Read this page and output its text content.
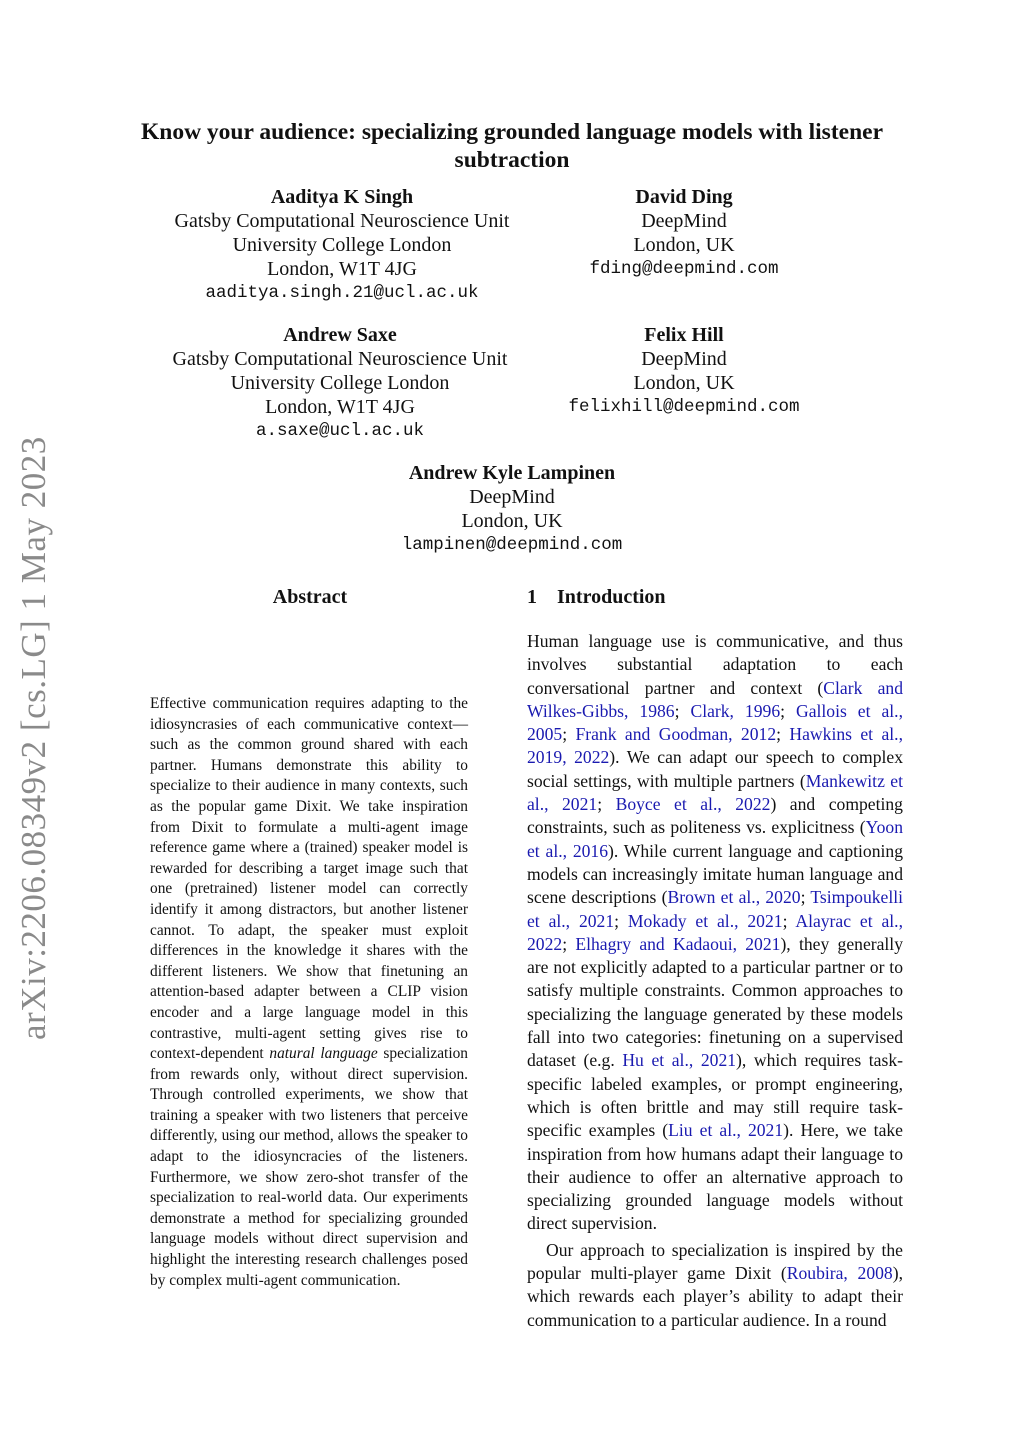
arXiv:2206.08349v2 [cs.LG] 1 May 2023
Know your audience: specializing grounded language models with listener subtraction
Aaditya K Singh
Gatsby Computational Neuroscience Unit
University College London
London, W1T 4JG
aaditya.singh.21@ucl.ac.uk
David Ding
DeepMind
London, UK
fding@deepmind.com
Andrew Saxe
Gatsby Computational Neuroscience Unit
University College London
London, W1T 4JG
a.saxe@ucl.ac.uk
Felix Hill
DeepMind
London, UK
felixhill@deepmind.com
Andrew Kyle Lampinen
DeepMind
London, UK
lampinen@deepmind.com
Abstract

Effective communication requires adapting to the idiosyncrasies of each communicative context—such as the common ground shared with each partner. Humans demonstrate this ability to specialize to their audience in many contexts, such as the popular game Dixit. We take inspiration from Dixit to formulate a multi-agent image reference game where a (trained) speaker model is rewarded for describing a target image such that one (pretrained) listener model can correctly identify it among distractors, but another listener cannot. To adapt, the speaker must exploit differences in the knowledge it shares with the different listeners. We show that finetuning an attention-based adapter between a CLIP vision encoder and a large language model in this contrastive, multi-agent setting gives rise to context-dependent natural language specialization from rewards only, without direct supervision. Through controlled experiments, we show that training a speaker with two listeners that perceive differently, using our method, allows the speaker to adapt to the idiosyncracies of the listeners. Furthermore, we show zero-shot transfer of the specialization to real-world data. Our experiments demonstrate a method for specializing grounded language models without direct supervision and highlight the interesting research challenges posed by complex multi-agent communication.

1 Introduction

Human language use is communicative, and thus involves substantial adaptation to each conversational partner and context (Clark and Wilkes-Gibbs, 1986; Clark, 1996; Gallois et al., 2005; Frank and Goodman, 2012; Hawkins et al., 2019, 2022). We can adapt our speech to complex social settings, with multiple partners (Mankewitz et al., 2021; Boyce et al., 2022) and competing constraints, such as politeness vs. explicitness (Yoon et al., 2016). While current language and captioning models can increasingly imitate human language and scene descriptions (Brown et al., 2020; Tsimpoukelli et al., 2021; Mokady et al., 2021; Alayrac et al., 2022; Elhagry and Kadaoui, 2021), they generally are not explicitly adapted to a particular partner or to satisfy multiple constraints. Common approaches to specializing the language generated by these models fall into two categories: finetuning on a supervised dataset (e.g. Hu et al., 2021), which requires task-specific labeled examples, or prompt engineering, which is often brittle and may still require task-specific examples (Liu et al., 2021). Here, we take inspiration from how humans adapt their language to their audience to offer an alternative approach to specializing grounded language models without direct supervision.

Our approach to specialization is inspired by the popular multi-player game Dixit (Roubira, 2008), which rewards each player’s ability to adapt their communication to a particular audience. In a round
